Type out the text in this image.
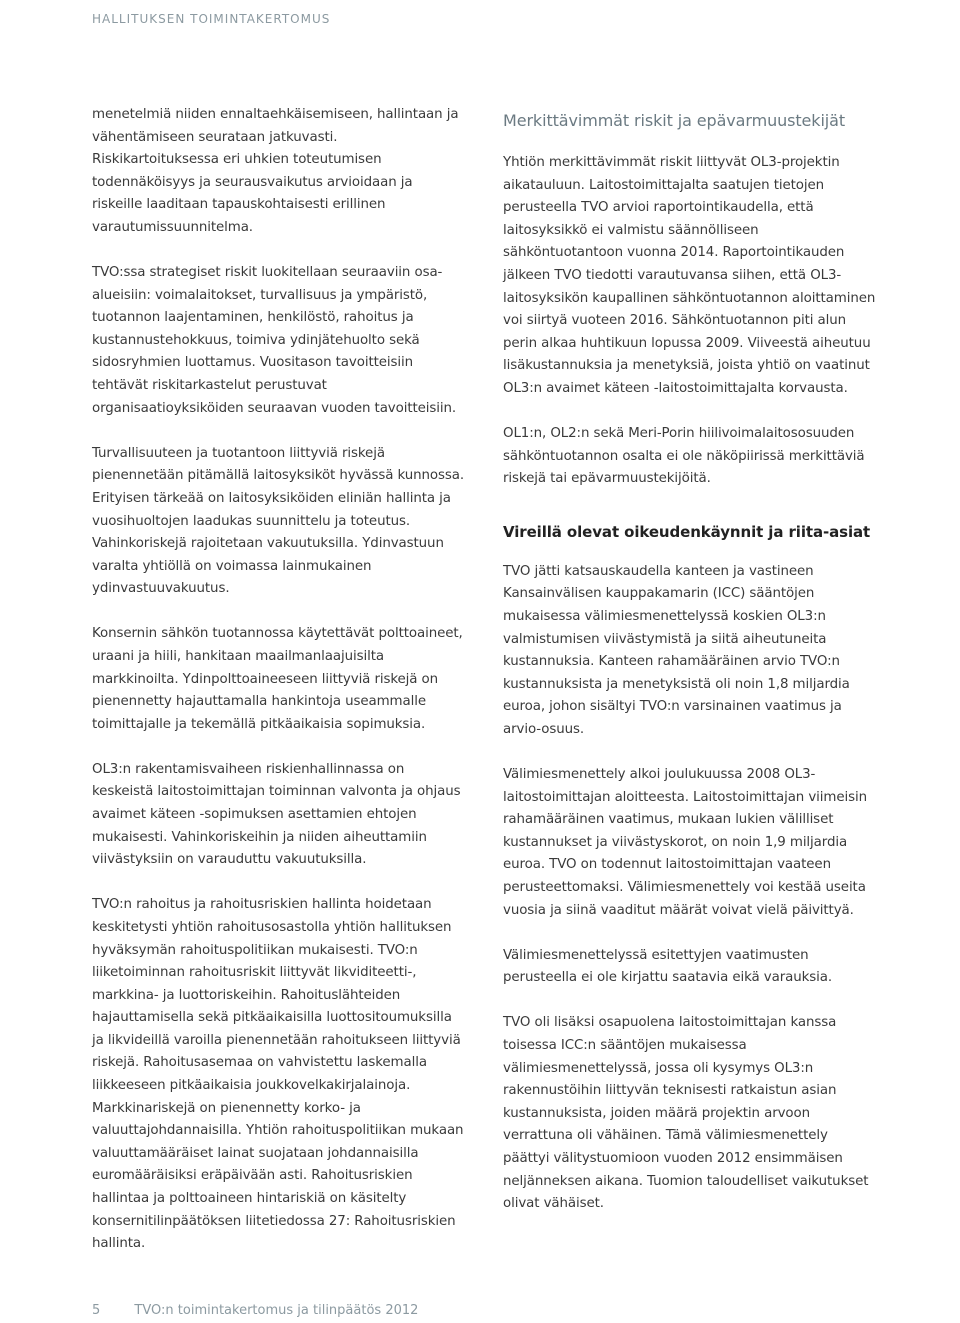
HALLITUKSEN TOIMINTAKERTOMUS

menetelmiä niiden ennaltaehkäisemiseen, hallintaan ja vähentämiseen seurataan jatkuvasti. Riskikartoituksessa eri uhkien toteutumisen todennäköisyys ja seurausvaikutus arvioidaan ja riskeille laaditaan tapauskohtaisesti erillinen varautumissuunnitelma.

TVO:ssa strategiset riskit luokitellaan seuraaviin osa-alueisiin: voimalaitokset, turvallisuus ja ympäristö, tuotannon laajentaminen, henkilöstö, rahoitus ja kustannustehokkuus, toimiva ydinjätehuolto sekä sidosryhmien luottamus. Vuositason tavoitteisiin tehtävät riskitarkastelut perustuvat organisaatioyksiköiden seuraavan vuoden tavoitteisiin.

Turvallisuuteen ja tuotantoon liittyviä riskejä pienennetään pitämällä laitosyksiköt hyvässä kunnossa. Erityisen tärkeää on laitosyksiköiden eliniän hallinta ja vuosihuoltojen laadukas suunnittelu ja toteutus. Vahinkoriskejä rajoitetaan vakuutuksilla. Ydinvastuun varalta yhtiöllä on voimassa lainmukainen ydinvastuuvakuutus.

Konsernin sähkön tuotannossa käytettävät polttoaineet, uraani ja hiili, hankitaan maailmanlaajuisilta markkinoilta. Ydinpolttoaineeseen liittyviä riskejä on pienennetty hajauttamalla hankintoja useammalle toimittajalle ja tekemällä pitkäaikaisia sopimuksia.

OL3:n rakentamisvaiheen riskienhallinnassa on keskeistä laitostoimittajan toiminnan valvonta ja ohjaus avaimet käteen -sopimuksen asettamien ehtojen mukaisesti. Vahinkoriskeihin ja niiden aiheuttamiin viivästyksiin on varauduttu vakuutuksilla.

TVO:n rahoitus ja rahoitusriskien hallinta hoidetaan keskitetysti yhtiön rahoitusosastolla yhtiön hallituksen hyväksymän rahoituspolitiikan mukaisesti. TVO:n liiketoiminnan rahoitusriskit liittyvät likviditeetti-, markkina- ja luottoriskeihin. Rahoituslähteiden hajauttamisella sekä pitkäaikaisilla luottositoumuksilla ja likvideillä varoilla pienennetään rahoitukseen liittyviä riskejä. Rahoitusasemaa on vahvistettu laskemalla liikkeeseen pitkäaikaisia joukkovelkakirjalainoja. Markkinariskejä on pienennetty korko- ja valuuttajohdannaisilla. Yhtiön rahoituspolitiikan mukaan valuuttamääräiset lainat suojataan johdannaisilla euromääräisiksi eräpäivään asti. Rahoitusriskien hallintaa ja polttoaineen hintariskiä on käsitelty konsernitilinpäätöksen liitetiedossa 27: Rahoitusriskien hallinta.

Merkittävimmät riskit ja epävarmuustekijät

Yhtiön merkittävimmät riskit liittyvät OL3-projektin aikatauluun. Laitostoimittajalta saatujen tietojen perusteella TVO arvioi raportointikaudella, että laitosyksikkö ei valmistu säännölliseen sähköntuotantoon vuonna 2014. Raportointikauden jälkeen TVO tiedotti varautuvansa siihen, että OL3-laitosyksikön kaupallinen sähköntuotannon aloittaminen voi siirtyä vuoteen 2016. Sähköntuotannon piti alun perin alkaa huhtikuun lopussa 2009. Viiveestä aiheutuu lisäkustannuksia ja menetyksiä, joista yhtiö on vaatinut OL3:n avaimet käteen -laitostoimittajalta korvausta.

OL1:n, OL2:n sekä Meri-Porin hiilivoimalaitososuuden sähköntuotannon osalta ei ole näköpiirissä merkittäviä riskejä tai epävarmuustekijöitä.

Vireillä olevat oikeudenkäynnit ja riita-asiat

TVO jätti katsauskaudella kanteen ja vastineen Kansainvälisen kauppakamarin (ICC) sääntöjen mukaisessa välimiesmenettelyssä koskien OL3:n valmistumisen viivästymistä ja siitä aiheutuneita kustannuksia. Kanteen rahamääräinen arvio TVO:n kustannuksista ja menetyksistä oli noin 1,8 miljardia euroa, johon sisältyi TVO:n varsinainen vaatimus ja arvio-osuus.

Välimiesmenettely alkoi joulukuussa 2008 OL3-laitostoimittajan aloitteesta. Laitostoimittajan viimeisin rahamääräinen vaatimus, mukaan lukien välilliset kustannukset ja viivästyskorot, on noin 1,9 miljardia euroa. TVO on todennut laitostoimittajan vaateen perusteettomaksi. Välimiesmenettely voi kestää useita vuosia ja siinä vaaditut määrät voivat vielä päivittyä.

Välimiesmenettelyssä esitettyjen vaatimusten perusteella ei ole kirjattu saatavia eikä varauksia.

TVO oli lisäksi osapuolena laitostoimittajan kanssa toisessa ICC:n sääntöjen mukaisessa välimiesmenettelyssä, jossa oli kysymys OL3:n rakennustöihin liittyvän teknisesti ratkaistun asian kustannuksista, joiden määrä projektin arvoon verrattuna oli vähäinen. Tämä välimiesmenettely päättyi välitystuomioon vuoden 2012 ensimmäisen neljänneksen aikana. Tuomion taloudelliset vaikutukset olivat vähäiset.

5	TVO:n toimintakertomus ja tilinpäätös 2012
